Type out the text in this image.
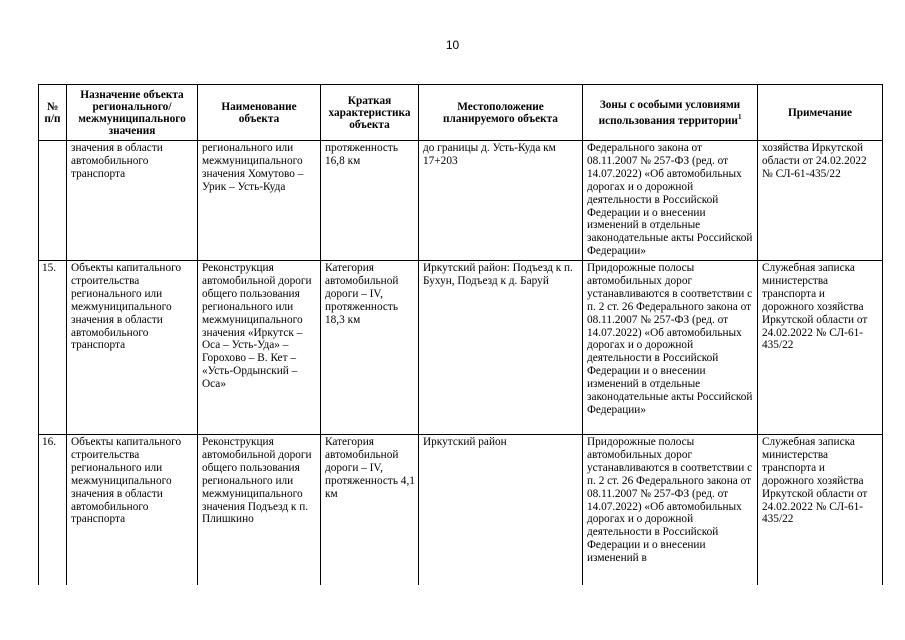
10
№ п/п	Назначение объекта регионального/ межмуниципального значения	Наименование объекта	Краткая характеристика объекта	Местоположение планируемого объекта	Зоны с особыми условиями использования территории$^1$	Примечание
	значения в области автомобильного транспорта	регионального или межмуниципального значения Хомутово – Урик – Усть-Куда	протяженность 16,8 км	до границы д. Усть-Куда км 17+203	Федерального закона от 08.11.2007 № 257-ФЗ (ред. от 14.07.2022) «Об автомобильных дорогах и о дорожной деятельности в Российской Федерации и о внесении изменений в отдельные законодательные акты Российской Федерации»	хозяйства Иркутской области от 24.02.2022 № СЛ-61-435/22
15.	Объекты капитального строительства регионального или межмуниципального значения в области автомобильного транспорта	Реконструкция автомобильной дороги общего пользования регионального или межмуниципального значения «Иркутск – Оса – Усть-Уда» – Горохово – В. Кет – «Усть-Ордынский – Оса»	Категория автомобильной дороги – IV, протяженность 18,3 км	Иркутский район: Подъезд к п. Бухун, Подъезд к д. Баруй	Придорожные полосы автомобильных дорог устанавливаются в соответствии с п. 2 ст. 26 Федерального закона от 08.11.2007 № 257-ФЗ (ред. от 14.07.2022) «Об автомобильных дорогах и о дорожной деятельности в Российской Федерации и о внесении изменений в отдельные законодательные акты Российской Федерации»	Служебная записка министерства транспорта и дорожного хозяйства Иркутской области от 24.02.2022 № СЛ-61-435/22
16.	Объекты капитального строительства регионального или межмуниципального значения в области автомобильного транспорта	Реконструкция автомобильной дороги общего пользования регионального или межмуниципального значения Подъезд к п. Плишкино	Категория автомобильной дороги – IV, протяженность 4,1 км	Иркутский район	Придорожные полосы автомобильных дорог устанавливаются в соответствии с п. 2 ст. 26 Федерального закона от 08.11.2007 № 257-ФЗ (ред. от 14.07.2022) «Об автомобильных дорогах и о дорожной деятельности в Российской Федерации и о внесении изменений в	Служебная записка министерства транспорта и дорожного хозяйства Иркутской области от 24.02.2022 № СЛ-61-435/22
